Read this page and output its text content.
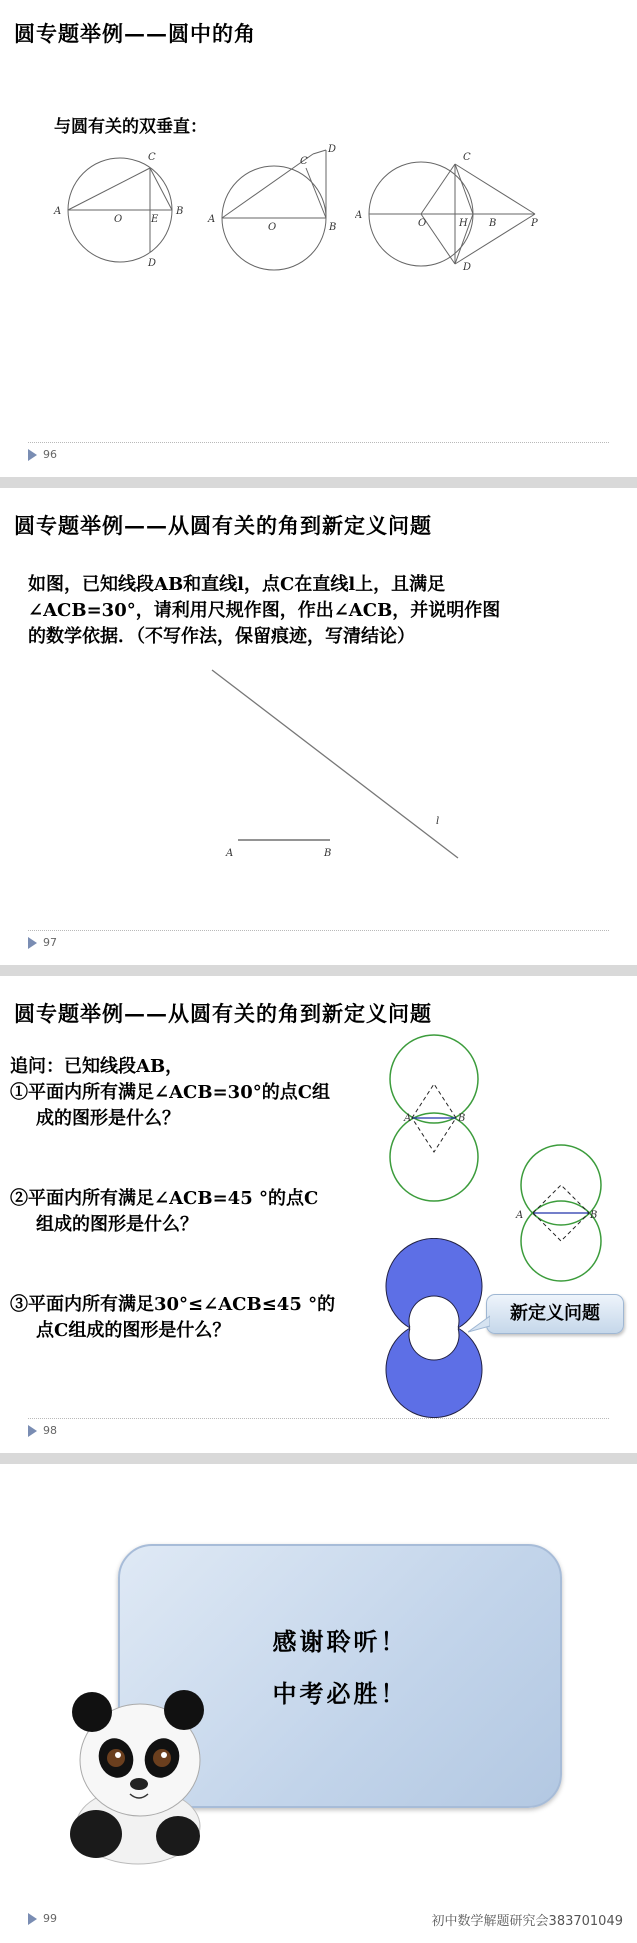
圆专题举例——圆中的角
与圆有关的双垂直：
A
O	E
B
C
D
A
O	B
C
D
A
O	H B	P
C
D
96
圆专题举例——从圆有关的角到新定义问题
如图，已知线段AB和直线l，点C在直线l上，且满足
∠ACB=30°，请利用尺规作图，作出∠ACB，并说明作图
的数学依据．（不写作法，保留痕迹，写清结论）
l
A	B
97
圆专题举例——从圆有关的角到新定义问题
追问：已知线段AB，
①平面内所有满足∠ACB=30°的点C组
成的图形是什么？
②平面内所有满足∠ACB=45 °的点C
组成的图形是什么？
③平面内所有满足30°≤∠ACB≤45 °的
点C组成的图形是什么？
A	B
A	B
新定义问题
98
感谢聆听！
中考必胜！
99	初中数学解题研究会383701049
